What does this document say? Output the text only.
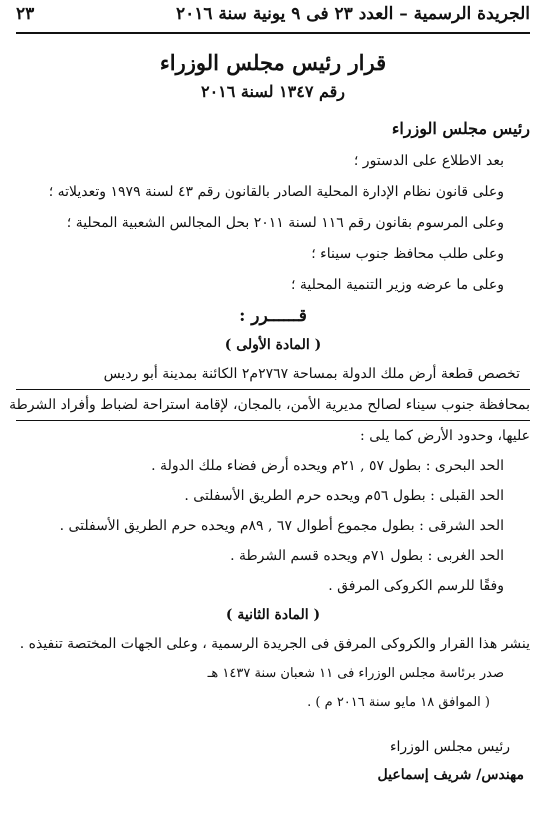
الجريدة الرسمية – العدد ٢٣ فى ٩ يونية سنة ٢٠١٦
٢٣
قرار رئيس مجلس الوزراء
رقم ١٣٤٧ لسنة ٢٠١٦
رئيس مجلس الوزراء

بعد الاطلاع على الدستور ؛

وعلى قانون نظام الإدارة المحلية الصادر بالقانون رقم ٤٣ لسنة ١٩٧٩ وتعديلاته ؛

وعلى المرسوم بقانون رقم ١١٦ لسنة ٢٠١١ بحل المجالس الشعبية المحلية ؛

وعلى طلب محافظ جنوب سيناء ؛

وعلى ما عرضه وزير التنمية المحلية ؛

قــــــرر :
( المادة الأولى )

تخصص قطعة أرض ملك الدولة بمساحة ٢٧٦٧م٢ الكائنة بمدينة أبو رديس

بمحافظة جنوب سيناء لصالح مديرية الأمن، بالمجان، لإقامة استراحة لضباط وأفراد الشرطة

عليها، وحدود الأرض كما يلى :

الحد البحرى : بطول ٥٧ , ٢١م ويحده أرض فضاء ملك الدولة .

الحد القبلى : بطول ٥٦م ويحده حرم الطريق الأسفلتى .

الحد الشرقى : بطول مجموع أطوال ٦٧ , ٨٩م ويحده حرم الطريق الأسفلتى .

الحد الغربى : بطول ٧١م ويحده قسم الشرطة .

وفقًا للرسم الكروكى المرفق .

( المادة الثانية )

ينشر هذا القرار والكروكى المرفق فى الجريدة الرسمية ، وعلى الجهات المختصة تنفيذه .

صدر برئاسة مجلس الوزراء فى ١١ شعبان سنة ١٤٣٧ هـ

( الموافق ١٨ مايو سنة ٢٠١٦ م ) .

رئيس مجلس الوزراء
مهندس/ شريف إسماعيل
